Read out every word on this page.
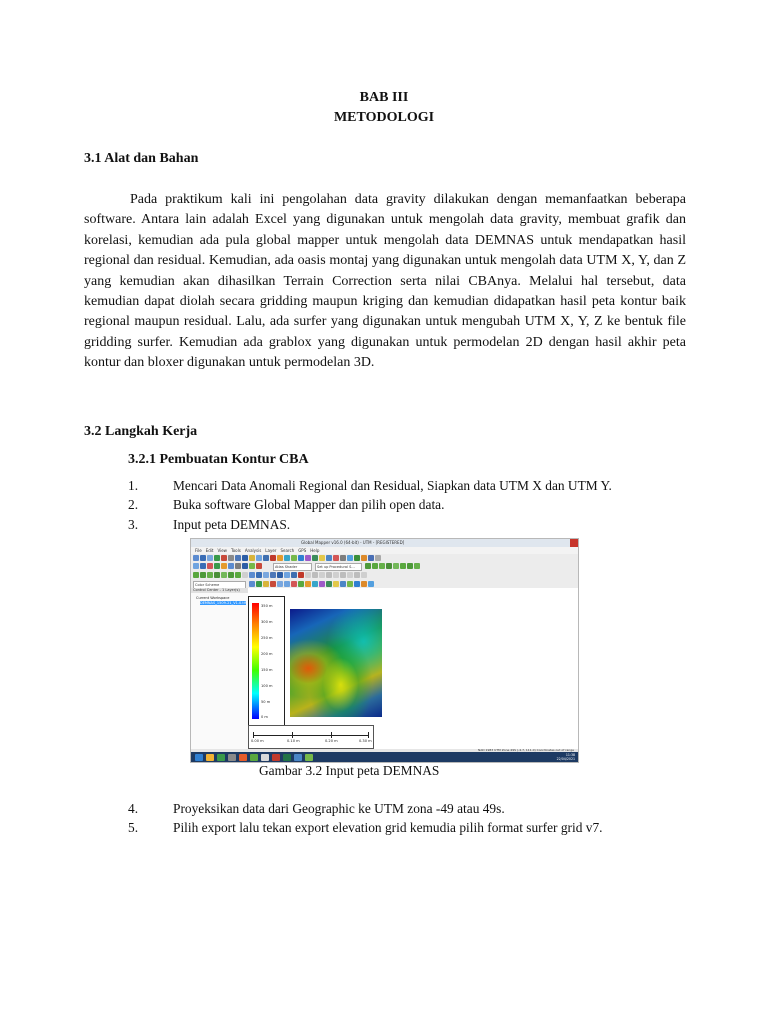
BAB III
METODOLOGI
3.1 Alat dan Bahan
Pada praktikum kali ini pengolahan data gravity dilakukan dengan memanfaatkan beberapa software. Antara lain adalah Excel yang digunakan untuk mengolah data gravity, membuat grafik dan korelasi, kemudian ada pula global mapper untuk mengolah data DEMNAS untuk mendapatkan hasil regional dan residual. Kemudian, ada oasis montaj yang digunakan untuk mengolah data UTM X, Y, dan Z yang kemudian akan dihasilkan Terrain Correction serta nilai CBAnya. Melalui hal tersebut, data kemudian dapat diolah secara gridding maupun kriging dan kemudian didapatkan hasil peta kontur baik regional maupun residual. Lalu, ada surfer yang digunakan untuk mengubah UTM X, Y, Z ke bentuk file gridding surfer. Kemudian ada grablox yang digunakan untuk permodelan 2D dengan hasil akhir peta kontur dan bloxer digunakan untuk permodelan 3D.
3.2 Langkah Kerja
3.2.1 Pembuatan Kontur CBA
1.	Mencari Data Anomali Regional dan Residual, Siapkan data UTM X dan UTM Y.
2.	Buka software Global Mapper dan pilih open data.
3.	Input peta DEMNAS.
Global Mapper v16.0 (64-bit) - UTM - [REGISTERED]
File Edit View Tools Analysis Layer Search GPS Help
Atlas Shader	Set up Procedural S...
Color Scheme
Control Center - 1 Layer(s)
Current Workspace
DEMNAS_1509-21_V1.0.tif
350 m
300 m
250 m
200 m
150 m
100 m
50 m
0 m
0.00 m	0.10 m	0.20 m	0.30 m
NAD 1983 UTM Zone 49S (-4.7, 111.0) Coordinates out of range
11:38
22/04/2021
Gambar 3.2 Input peta DEMNAS
4.	Proyeksikan data dari Geographic ke UTM zona -49 atau 49s.
5.	Pilih export lalu tekan export elevation grid kemudia pilih format surfer grid v7.
